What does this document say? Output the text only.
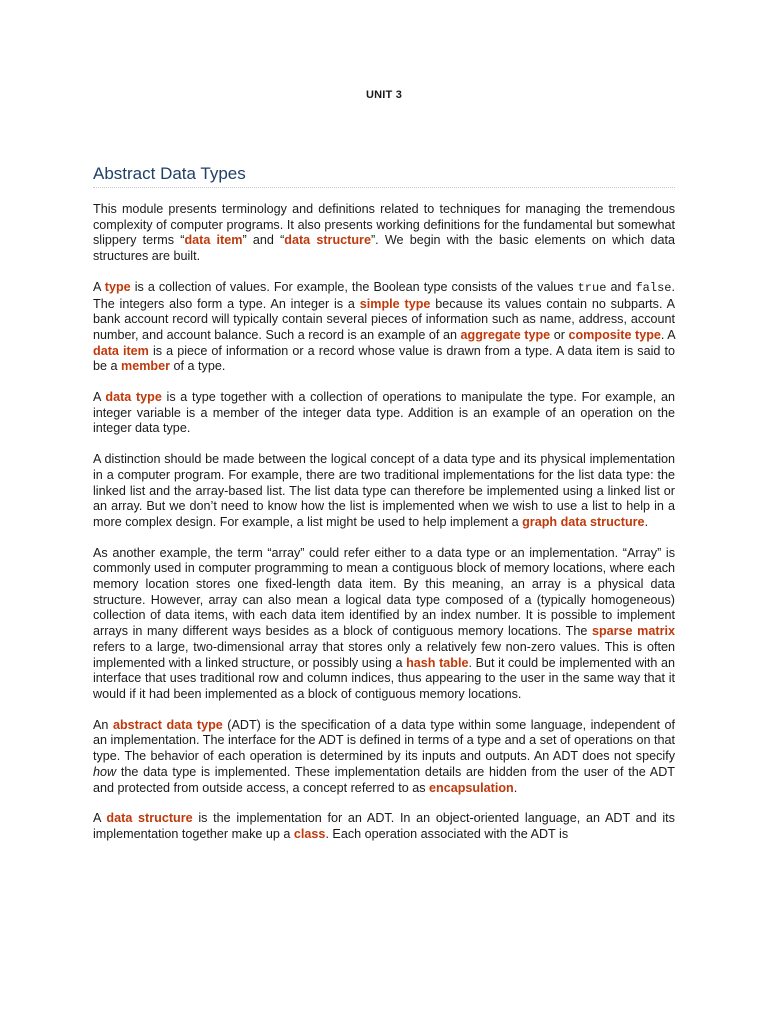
UNIT 3
Abstract Data Types

This module presents terminology and definitions related to techniques for managing the tremendous complexity of computer programs. It also presents working definitions for the fundamental but somewhat slippery terms “data item” and “data structure”. We begin with the basic elements on which data structures are built.

A type is a collection of values. For example, the Boolean type consists of the values true and false. The integers also form a type. An integer is a simple type because its values contain no subparts. A bank account record will typically contain several pieces of information such as name, address, account number, and account balance. Such a record is an example of an aggregate type or composite type. A data item is a piece of information or a record whose value is drawn from a type. A data item is said to be a member of a type.

A data type is a type together with a collection of operations to manipulate the type. For example, an integer variable is a member of the integer data type. Addition is an example of an operation on the integer data type.

A distinction should be made between the logical concept of a data type and its physical implementation in a computer program. For example, there are two traditional implementations for the list data type: the linked list and the array-based list. The list data type can therefore be implemented using a linked list or an array. But we don’t need to know how the list is implemented when we wish to use a list to help in a more complex design. For example, a list might be used to help implement a graph data structure.

As another example, the term “array” could refer either to a data type or an implementation. “Array” is commonly used in computer programming to mean a contiguous block of memory locations, where each memory location stores one fixed-length data item. By this meaning, an array is a physical data structure. However, array can also mean a logical data type composed of a (typically homogeneous) collection of data items, with each data item identified by an index number. It is possible to implement arrays in many different ways besides as a block of contiguous memory locations. The sparse matrix refers to a large, two-dimensional array that stores only a relatively few non-zero values. This is often implemented with a linked structure, or possibly using a hash table. But it could be implemented with an interface that uses traditional row and column indices, thus appearing to the user in the same way that it would if it had been implemented as a block of contiguous memory locations.

An abstract data type (ADT) is the specification of a data type within some language, independent of an implementation. The interface for the ADT is defined in terms of a type and a set of operations on that type. The behavior of each operation is determined by its inputs and outputs. An ADT does not specify how the data type is implemented. These implementation details are hidden from the user of the ADT and protected from outside access, a concept referred to as encapsulation.

A data structure is the implementation for an ADT. In an object-oriented language, an ADT and its implementation together make up a class. Each operation associated with the ADT is
